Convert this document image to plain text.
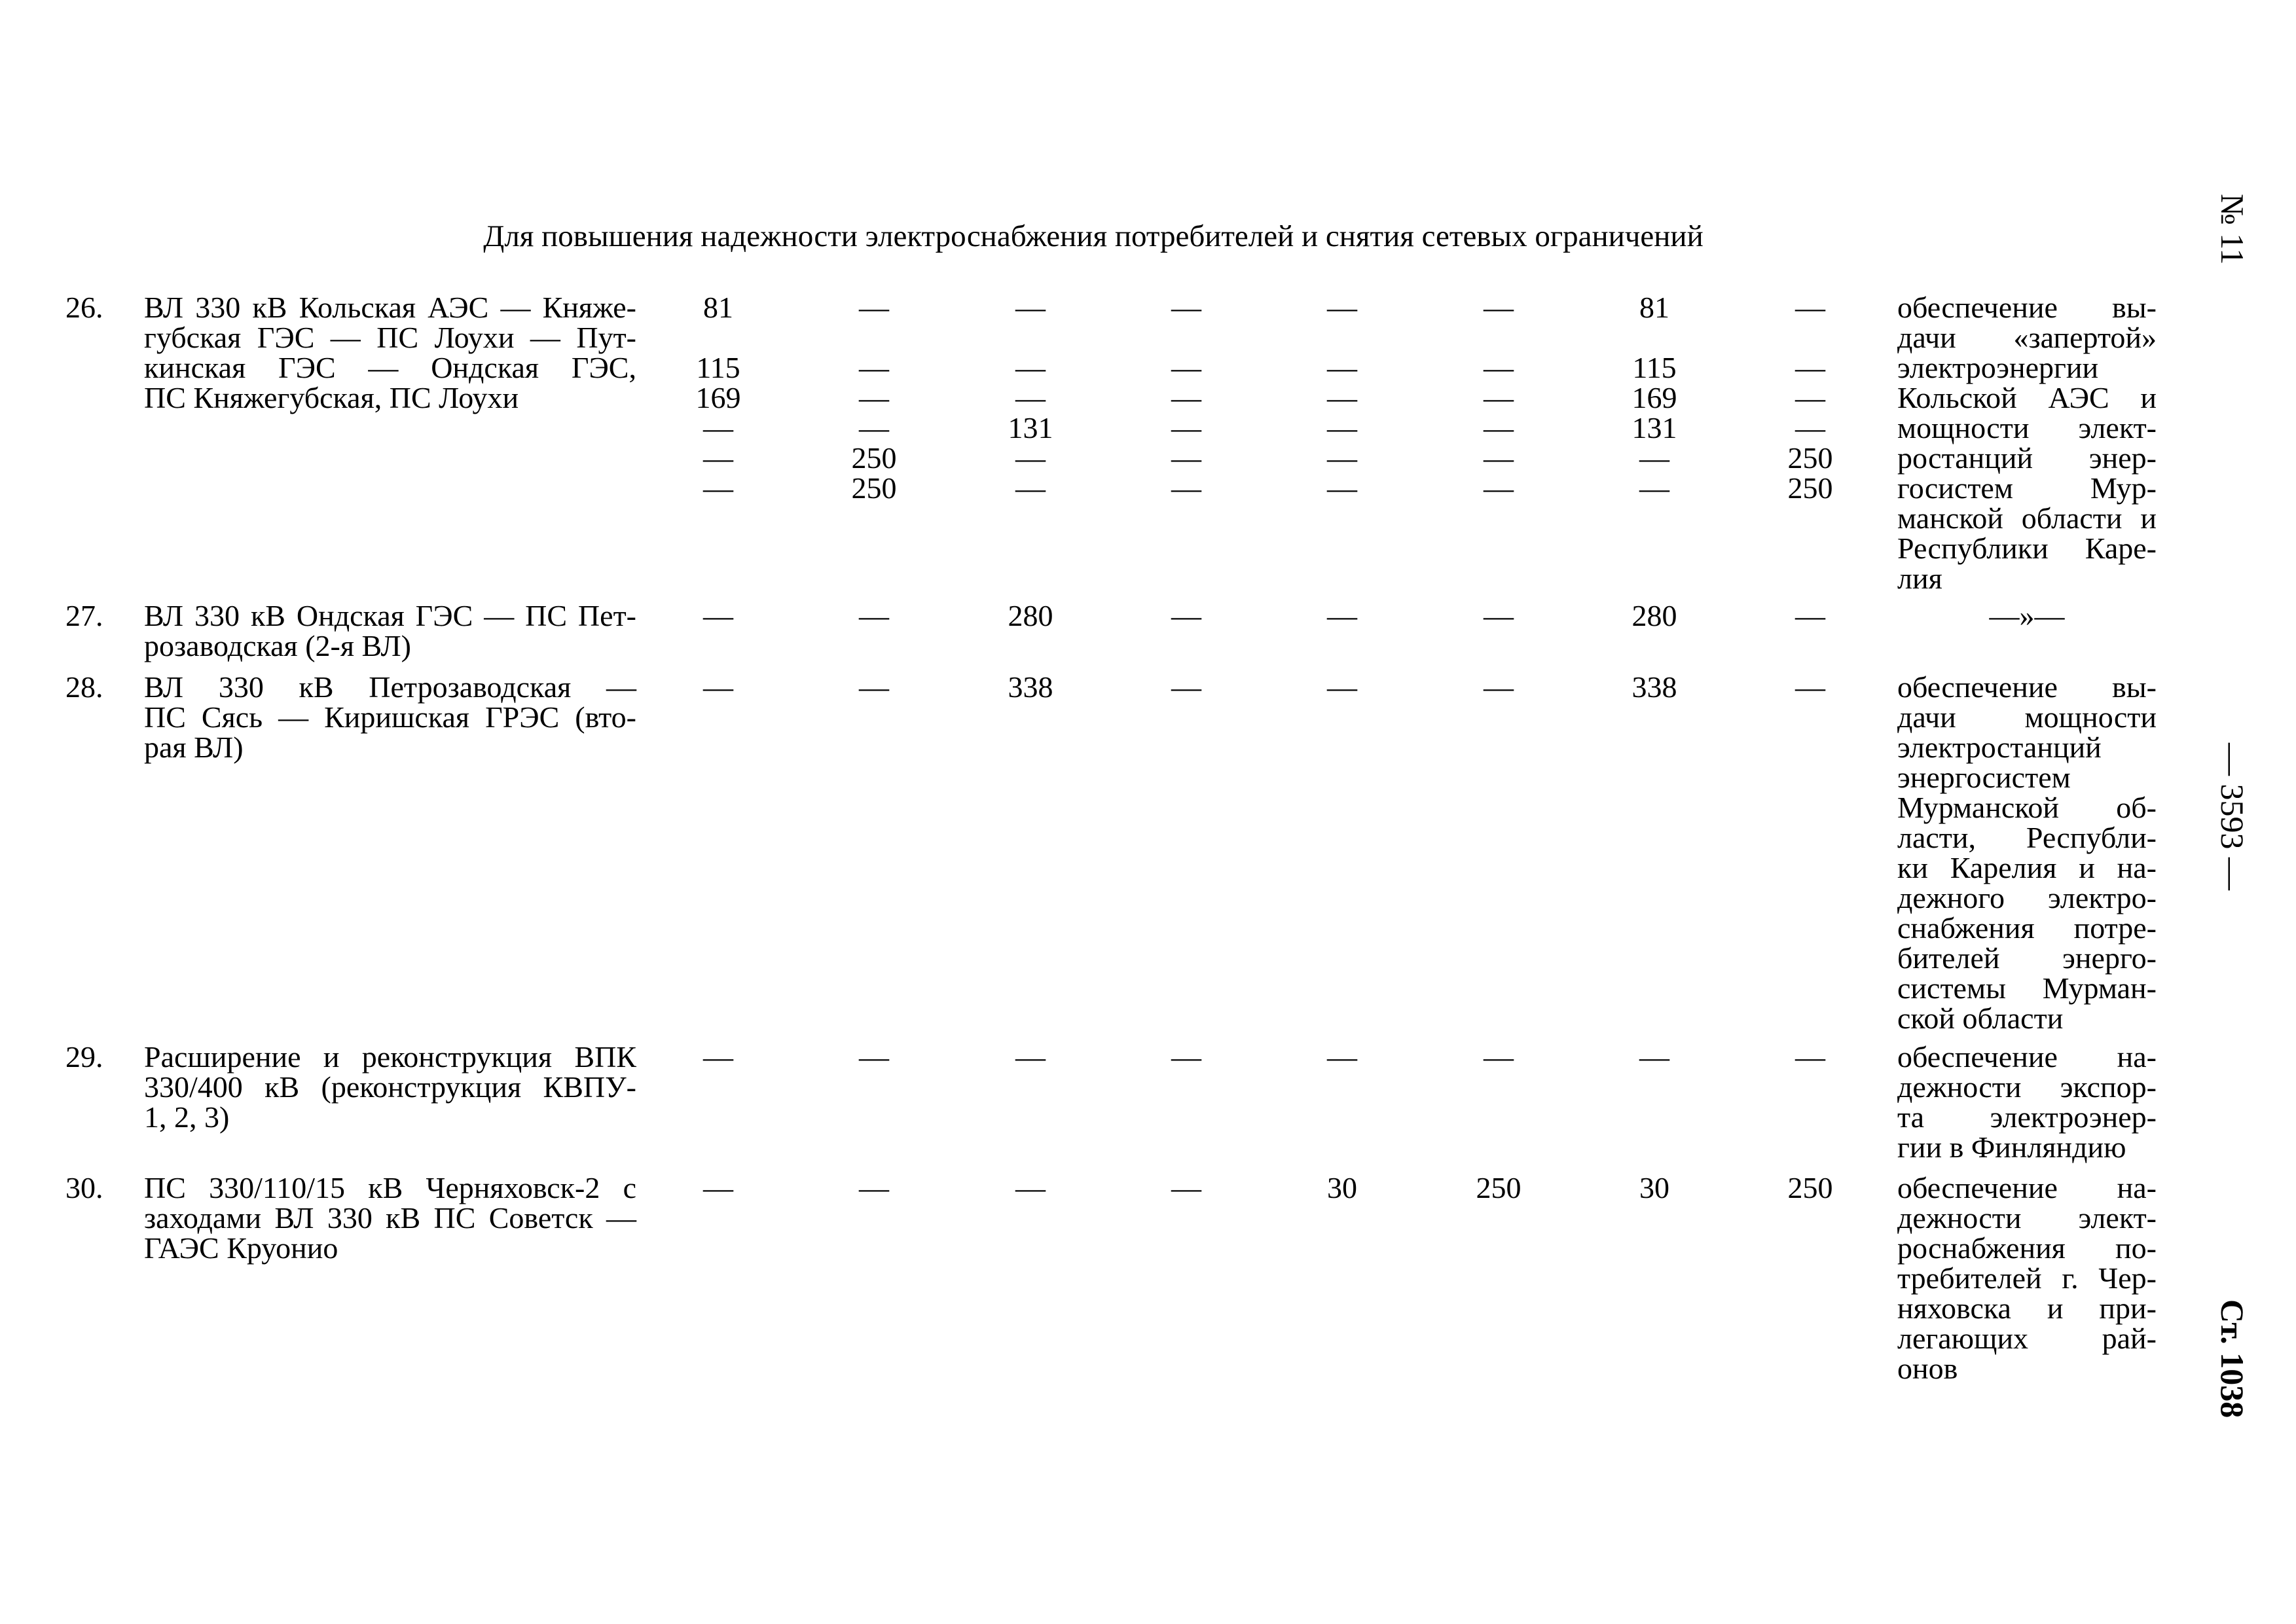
Для повышения надежности электроснабжения потребителей и снятия сетевых ограничений
26. ВЛ 330 кВ Кольская АЭС — Княже-
губская ГЭС — ПС Лоухи — Пут-
кинская ГЭС — Ондская ГЭС,
ПС Княжегубская, ПС Лоухи
81	—	—	—	—	—	81	—
115	—	—	—	—	—	115	—
169	—	—	—	—	—	169	—
—	—	131	—	—	—	131	—
—	250	—	—	—	—	—	250
—	250	—	—	—	—	—	250
обеспечение вы-
дачи «запертой»
электроэнергии
Кольской АЭС и
мощности элект-
ростанций энер-
госистем Мур-
манской области и
Республики Каре-
лия
27. ВЛ 330 кВ Ондская ГЭС — ПС Пет-
розаводская (2-я ВЛ)
—	—	280	—	—	—	280	—	—»—
28. ВЛ 330 кВ Петрозаводская —
ПС Сясь — Киришская ГРЭС (вто-
рая ВЛ)
—	—	338	—	—	—	338	—	обеспечение вы-
дачи мощности
электростанций
энергосистем
Мурманской об-
ласти, Республи-
ки Карелия и на-
дежного электро-
снабжения потре-
бителей энерго-
системы Мурман-
ской области
29. Расширение и реконструкция ВПК
330/400 кВ (реконструкция КВПУ-
1, 2, 3)
—	—	—	—	—	—	—	—	обеспечение на-
дежности экспор-
та электроэнер-
гии в Финляндию
30. ПС 330/110/15 кВ Черняховск-2 с
заходами ВЛ 330 кВ ПС Советск —
ГАЭС Круонио
—	—	—	—	30	250	30	250	обеспечение на-
дежности элект-
роснабжения по-
требителей г. Чер-
няховска и при-
легающих рай-
онов
№ 11
— 3593 —
Ст. 1038
